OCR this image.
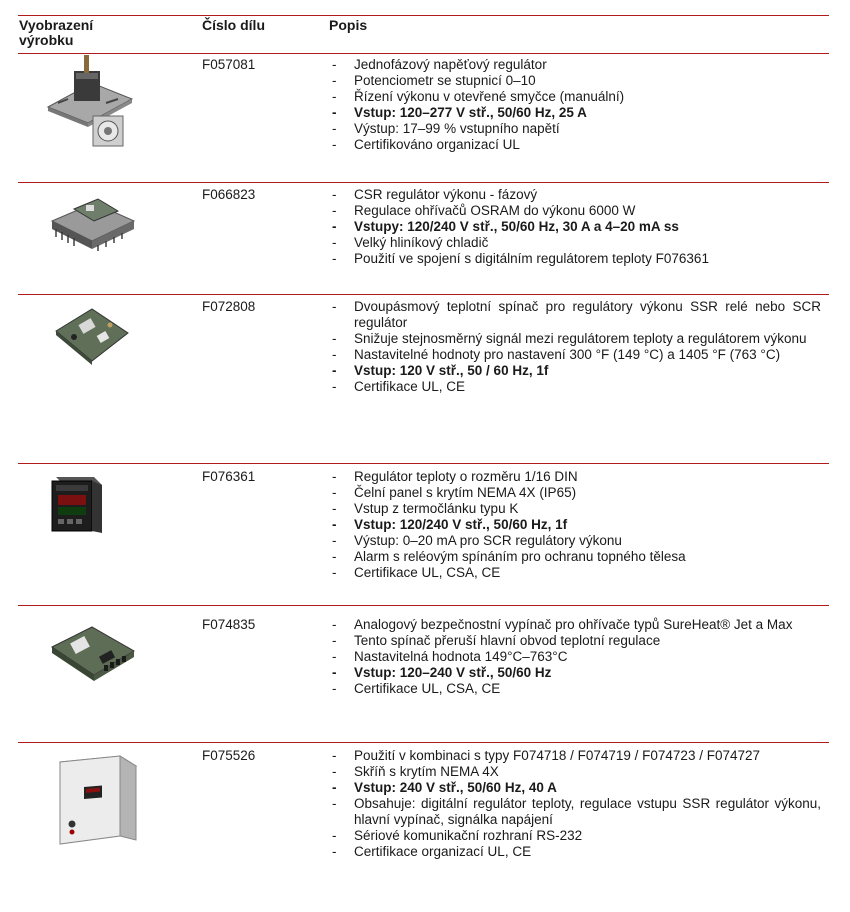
Vyobrazení výrobku
Číslo dílu	Popis
F057081	- Jednofázový napěťový regulátor
- Potenciometr se stupnicí 0–10
- Řízení výkonu v otevřené smyčce (manuální)
- Vstup: 120–277 V stř., 50/60 Hz, 25 A
- Výstup: 17–99 % vstupního napětí
- Certifikováno organizací UL
F066823	- CSR regulátor výkonu - fázový
- Regulace ohřívačů OSRAM do výkonu 6000 W
- Vstupy: 120/240 V stř., 50/60 Hz, 30 A a 4–20 mA ss
- Velký hliníkový chladič
- Použití ve spojení s digitálním regulátorem teploty F076361
F072808	- Dvoupásmový teplotní spínač pro regulátory výkonu SSR relé nebo SCR regulátor
- Snižuje stejnosměrný signál mezi regulátorem teploty a regulátorem výkonu
- Nastavitelné hodnoty pro nastavení 300 °F (149 °C) a 1405 °F (763 °C)
- Vstup: 120 V stř., 50 / 60 Hz, 1f
- Certifikace UL, CE
F076361	- Regulátor teploty o rozměru 1/16 DIN
- Čelní panel s krytím NEMA 4X (IP65)
- Vstup z termočlánku typu K
- Vstup: 120/240 V stř., 50/60 Hz, 1f
- Výstup: 0–20 mA pro SCR regulátory výkonu
- Alarm s reléovým spínáním pro ochranu topného tělesa
- Certifikace UL, CSA, CE
F074835	- Analogový bezpečnostní vypínač pro ohřívače typů SureHeat® Jet a Max
- Tento spínač přeruší hlavní obvod teplotní regulace
- Nastavitelná hodnota 149°C–763°C
- Vstup: 120–240 V stř., 50/60 Hz
- Certifikace UL, CSA, CE
F075526	- Použití v kombinaci s typy F074718 / F074719 / F074723 / F074727
- Skříň s krytím NEMA 4X
- Vstup: 240 V stř., 50/60 Hz, 40 A
- Obsahuje: digitální regulátor teploty, regulace vstupu SSR regulátor výkonu, hlavní vypínač, signálka napájení
- Sériové komunikační rozhraní RS-232
- Certifikace organizací UL, CE
